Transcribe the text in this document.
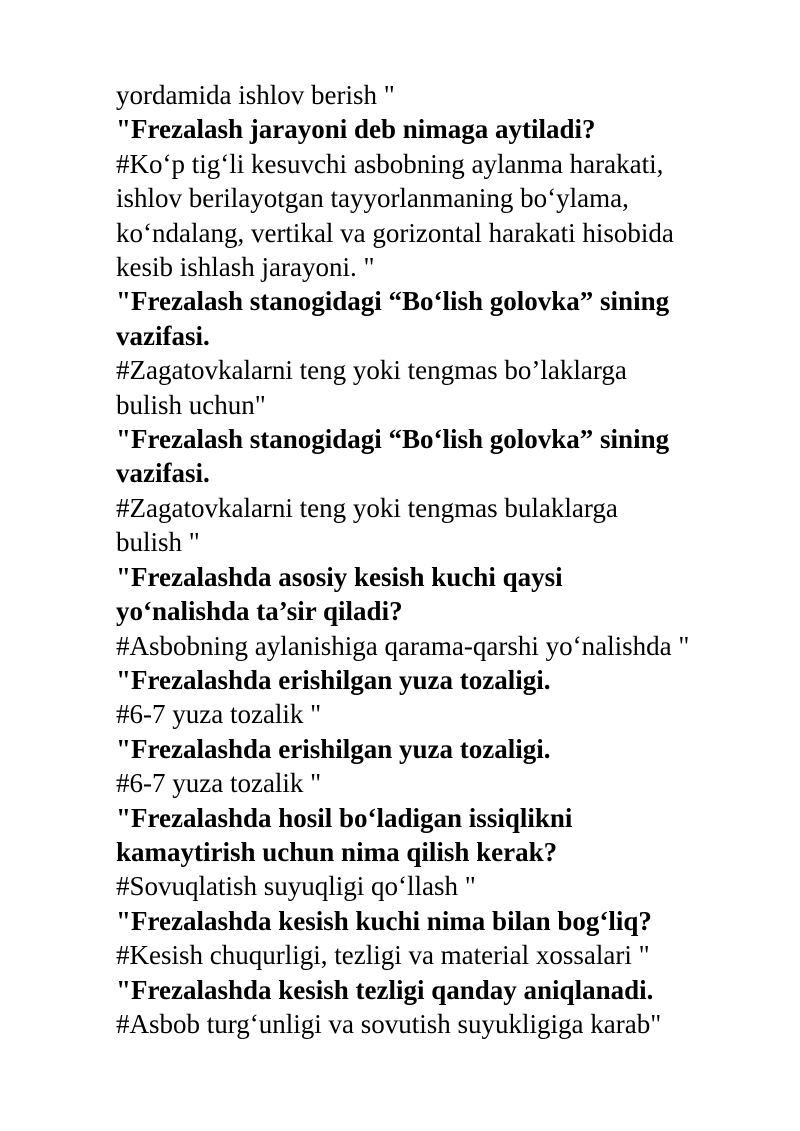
yordamida ishlov berish "

"Frezalash jarayoni deb nimaga aytiladi?

#Ko‘p tig‘li kesuvchi asbobning aylanma harakati,

ishlov berilayotgan tayyorlanmaning bo‘ylama,

ko‘ndalang, vertikal va gorizontal harakati hisobida

kesib ishlash jarayoni. "

"Frezalash stanogidagi “Bo‘lish golovka” sining

vazifasi.

#Zagatovkalarni teng yoki tengmas bo’laklarga

bulish uchun"

"Frezalash stanogidagi “Bo‘lish golovka” sining

vazifasi.

#Zagatovkalarni teng yoki tengmas bulaklarga

bulish "

"Frezalashda asosiy kesish kuchi qaysi

yo‘nalishda ta’sir qiladi?

#Asbobning aylanishiga qarama-qarshi yo‘nalishda "

"Frezalashda erishilgan yuza tozaligi.

#6-7 yuza tozalik "

"Frezalashda erishilgan yuza tozaligi.

#6-7 yuza tozalik "

"Frezalashda hosil bo‘ladigan issiqlikni

kamaytirish uchun nima qilish kerak?

#Sovuqlatish suyuqligi qo‘llash "

"Frezalashda kesish kuchi nima bilan bog‘liq?

#Kesish chuqurligi, tezligi va material xossalari "

"Frezalashda kesish tezligi qanday aniqlanadi.

#Asbob turg‘unligi va sovutish suyukligiga karab"
